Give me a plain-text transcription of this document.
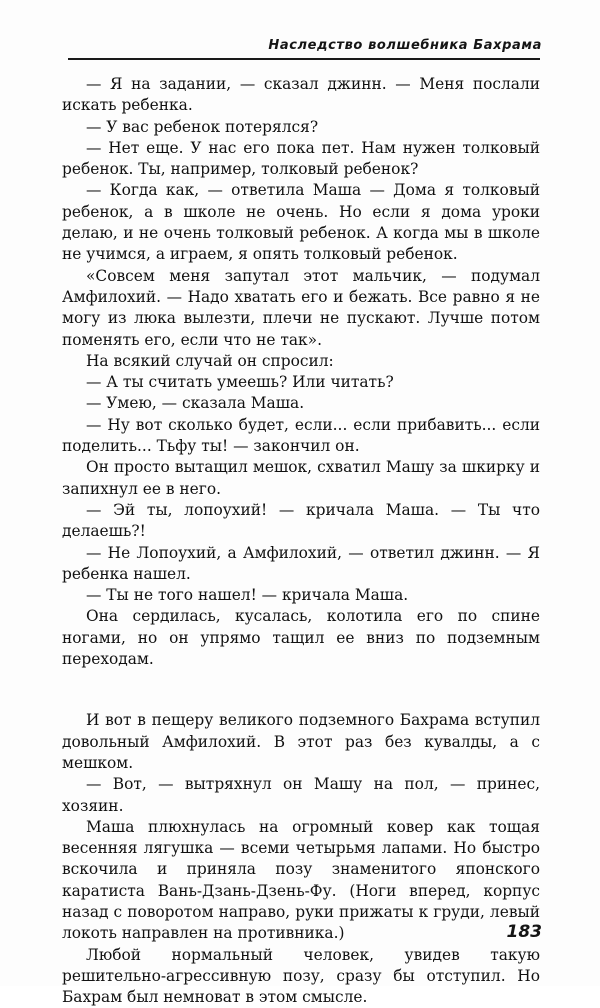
Наследство волшебника Бахрама

— Я на задании, — сказал джинн. — Меня послали искать ребенка.

— У вас ребенок потерялся?

— Нет еще. У нас его пока пет. Нам нужен толковый ребенок. Ты, например, толковый ребенок?

— Когда как, — ответила Маша — Дома я толковый ребенок, а в школе не очень. Но если я дома уроки делаю, и не очень толковый ребенок. А когда мы в школе не учимся, а играем, я опять толковый ребенок.

«Совсем меня запутал этот мальчик, — подумал Амфилохий. — Надо хватать его и бежать. Все равно я не могу из люка вылезти, плечи не пускают. Лучше потом поменять его, если что не так».

На всякий случай он спросил:

— А ты считать умеешь? Или читать?

— Умею, — сказала Маша.

— Ну вот сколько будет, если... если прибавить... если поделить... Тьфу ты! — закончил он.

Он просто вытащил мешок, схватил Машу за шкирку и запихнул ее в него.

— Эй ты, лопоухий! — кричала Маша. — Ты что делаешь?!

— Не Лопоухий, а Амфилохий, — ответил джинн. — Я ребенка нашел.

— Ты не того нашел! — кричала Маша.

Она сердилась, кусалась, колотила его по спине ногами, но он упрямо тащил ее вниз по подземным переходам.

И вот в пещеру великого подземного Бахрама вступил довольный Амфилохий. В этот раз без кувалды, а с мешком.

— Вот, — вытряхнул он Машу на пол, — принес, хозяин.

Маша плюхнулась на огромный ковер как тощая весенняя лягушка — всеми четырьмя лапами. Но быстро вскочила и приняла позу знаменитого японского каратиста Вань-Дзань-Дзень-Фу. (Ноги вперед, корпус назад с поворотом направо, руки прижаты к груди, левый локоть направлен на противника.)

Любой нормальный человек, увидев такую решительно-агрессивную позу, сразу бы отступил. Но Бахрам был немноват в этом смысле.

183
